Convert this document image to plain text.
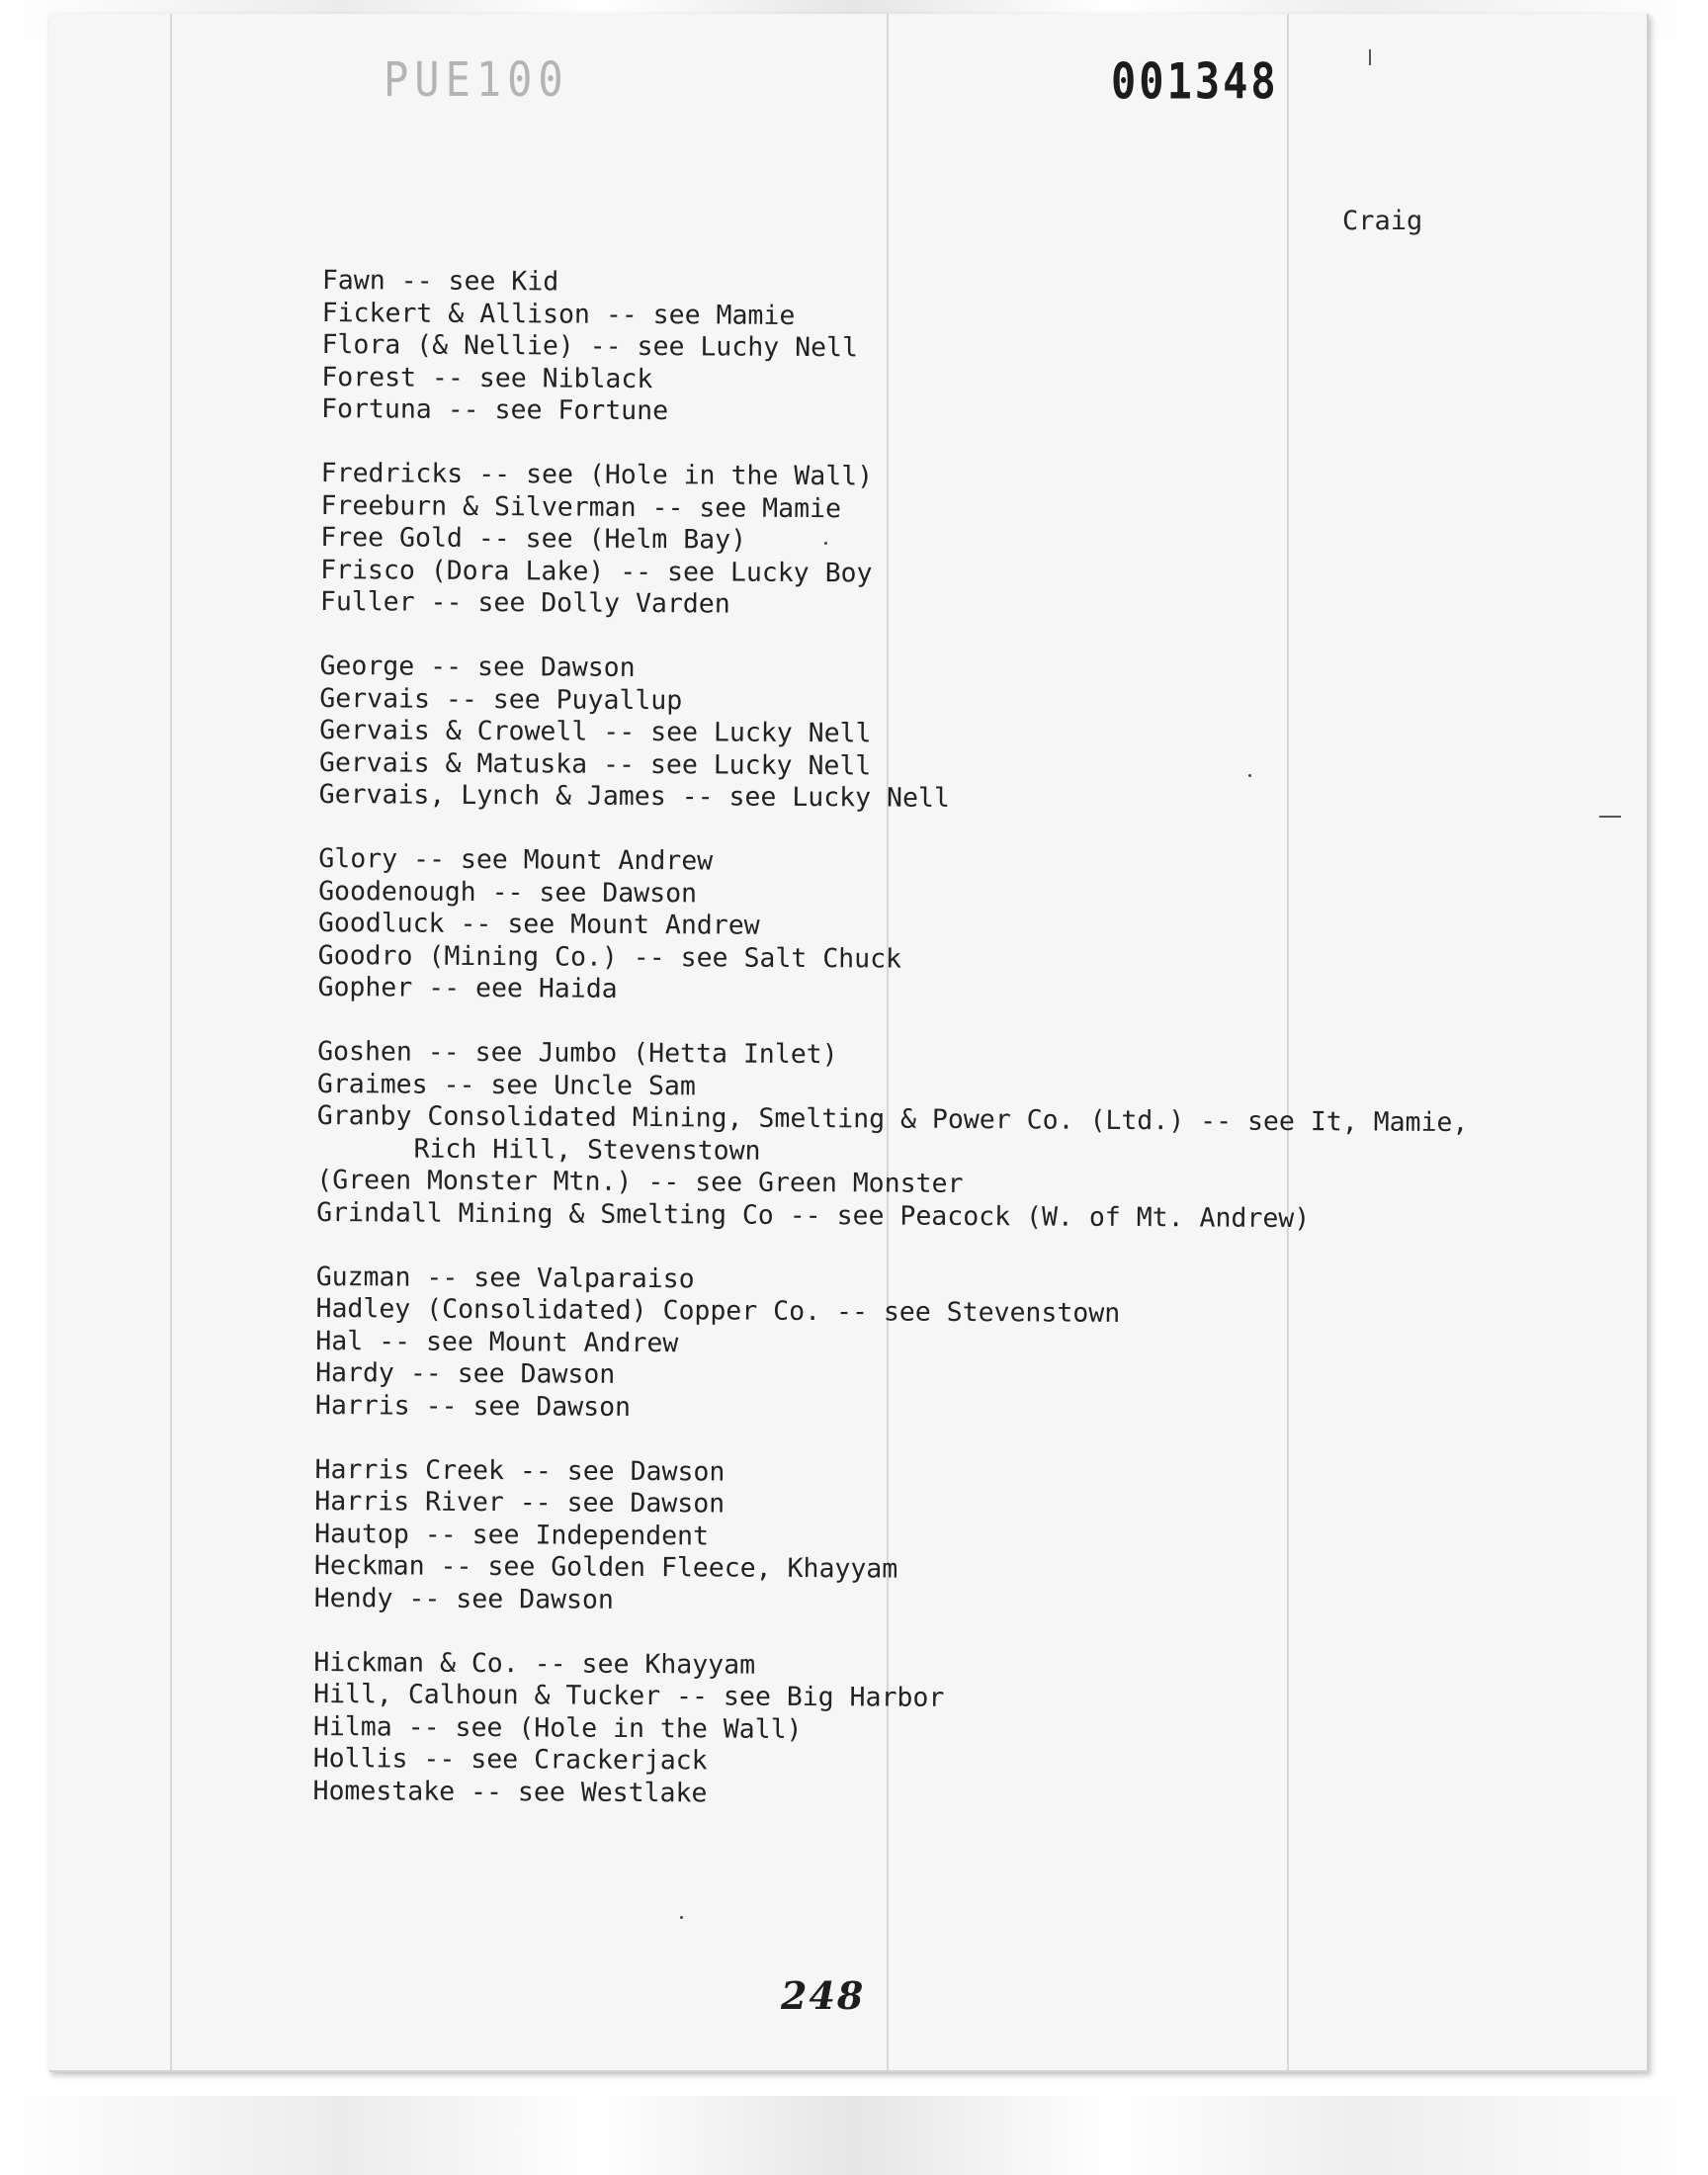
PUE100	001348
Craig
Fawn -- see Kid
Fickert & Allison -- see Mamie
Flora (& Nellie) -- see Luchy Nell
Forest -- see Niblack
Fortuna -- see Fortune
Fredricks -- see (Hole in the Wall)
Freeburn & Silverman -- see Mamie
Free Gold -- see (Helm Bay)
Frisco (Dora Lake) -- see Lucky Boy
Fuller -- see Dolly Varden
George -- see Dawson
Gervais -- see Puyallup
Gervais & Crowell -- see Lucky Nell
Gervais & Matuska -- see Lucky Nell
Gervais, Lynch & James -- see Lucky Nell
Glory -- see Mount Andrew
Goodenough -- see Dawson
Goodluck -- see Mount Andrew
Goodro (Mining Co.) -- see Salt Chuck
Gopher -- eee Haida
Goshen -- see Jumbo (Hetta Inlet)
Graimes -- see Uncle Sam
Granby Consolidated Mining, Smelting & Power Co. (Ltd.) -- see It, Mamie,
Rich Hill, Stevenstown
(Green Monster Mtn.) -- see Green Monster
Grindall Mining & Smelting Co -- see Peacock (W. of Mt. Andrew)
Guzman -- see Valparaiso
Hadley (Consolidated) Copper Co. -- see Stevenstown
Hal -- see Mount Andrew
Hardy -- see Dawson
Harris -- see Dawson
Harris Creek -- see Dawson
Harris River -- see Dawson
Hautop -- see Independent
Heckman -- see Golden Fleece, Khayyam
Hendy -- see Dawson
Hickman & Co. -- see Khayyam
Hill, Calhoun & Tucker -- see Big Harbor
Hilma -- see (Hole in the Wall)
Hollis -- see Crackerjack
Homestake -- see Westlake
248
